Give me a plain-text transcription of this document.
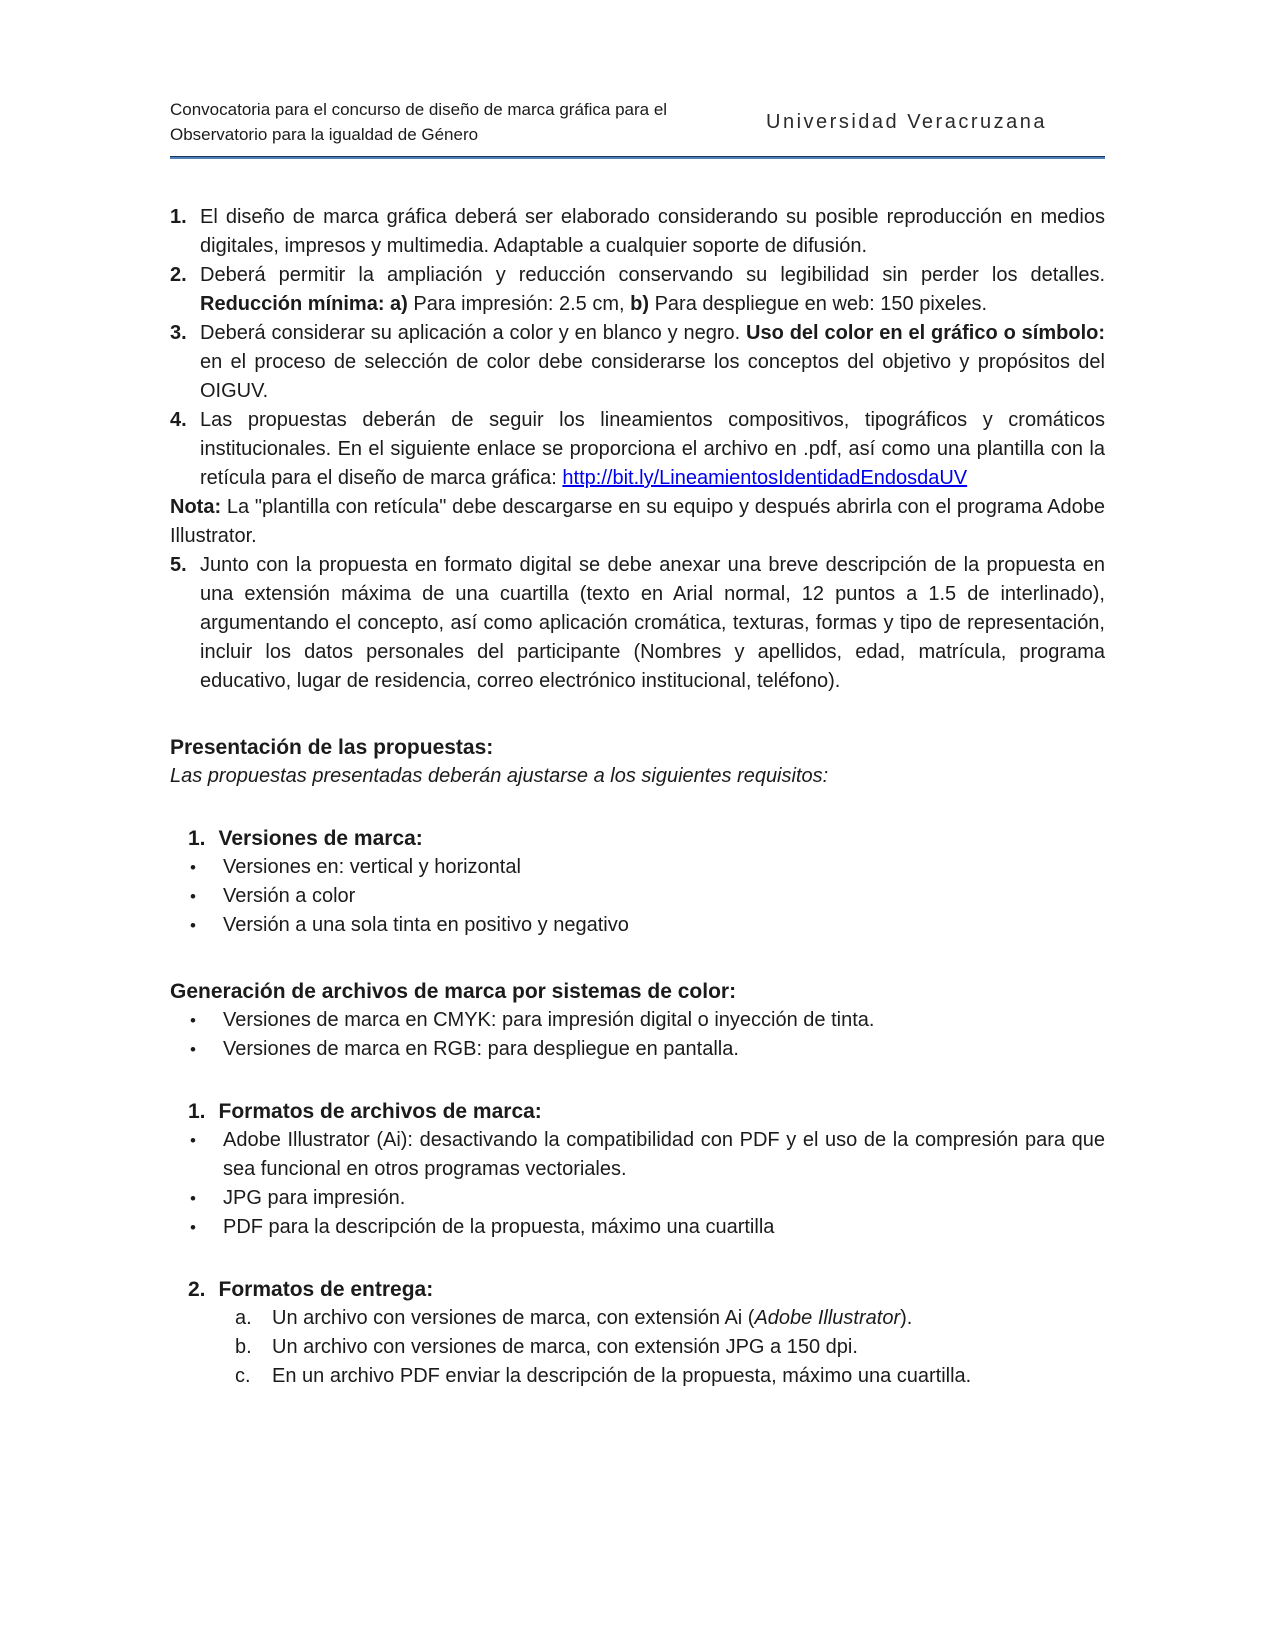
Convocatoria para el concurso de diseño de marca gráfica para el Observatorio para la igualdad de Género
Universidad Veracruzana
1. El diseño de marca gráfica deberá ser elaborado considerando su posible reproducción en medios digitales, impresos y multimedia. Adaptable a cualquier soporte de difusión.
2. Deberá permitir la ampliación y reducción conservando su legibilidad sin perder los detalles. Reducción mínima: a) Para impresión: 2.5 cm, b) Para despliegue en web: 150 pixeles.
3. Deberá considerar su aplicación a color y en blanco y negro. Uso del color en el gráfico o símbolo: en el proceso de selección de color debe considerarse los conceptos del objetivo y propósitos del OIGUV.
4. Las propuestas deberán de seguir los lineamientos compositivos, tipográficos y cromáticos institucionales. En el siguiente enlace se proporciona el archivo en .pdf, así como una plantilla con la retícula para el diseño de marca gráfica: http://bit.ly/LineamientosIdentidadEndosdaUV
Nota: La "plantilla con retícula" debe descargarse en su equipo y después abrirla con el programa Adobe Illustrator.
5. Junto con la propuesta en formato digital se debe anexar una breve descripción de la propuesta en una extensión máxima de una cuartilla (texto en Arial normal, 12 puntos a 1.5 de interlinado), argumentando el concepto, así como aplicación cromática, texturas, formas y tipo de representación, incluir los datos personales del participante (Nombres y apellidos, edad, matrícula, programa educativo, lugar de residencia, correo electrónico institucional, teléfono).
Presentación de las propuestas:
Las propuestas presentadas deberán ajustarse a los siguientes requisitos:
1. Versiones de marca:
•	Versiones en: vertical y horizontal
•	Versión a color
•	Versión a una sola tinta en positivo y negativo
Generación de archivos de marca por sistemas de color:
•	Versiones de marca en CMYK: para impresión digital o inyección de tinta.
•	Versiones de marca en RGB: para despliegue en pantalla.
1. Formatos de archivos de marca:
•	Adobe Illustrator (Ai): desactivando la compatibilidad con PDF y el uso de la compresión para que sea funcional en otros programas vectoriales.
•	JPG para impresión.
•	PDF para la descripción de la propuesta, máximo una cuartilla
2. Formatos de entrega:
a.	Un archivo con versiones de marca, con extensión Ai (Adobe Illustrator).
b.	Un archivo con versiones de marca, con extensión JPG a 150 dpi.
c.	En un archivo PDF enviar la descripción de la propuesta, máximo una cuartilla.
